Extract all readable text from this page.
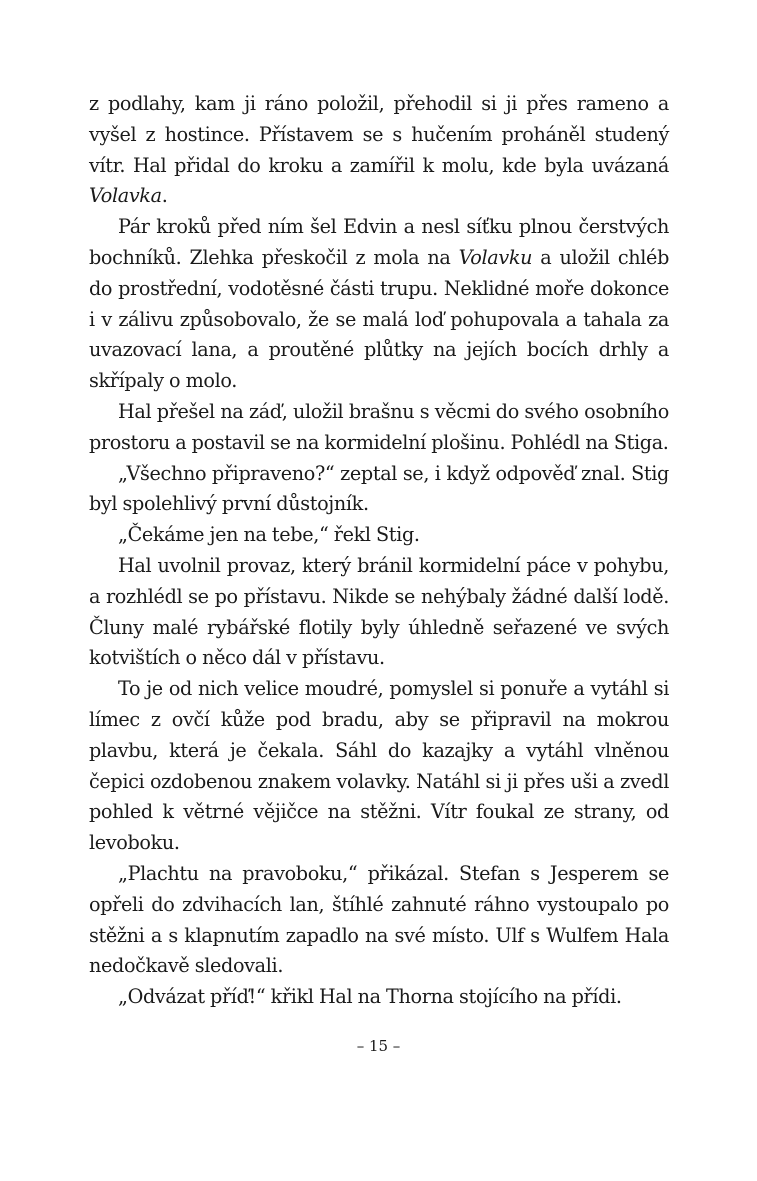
z podlahy, kam ji ráno položil, přehodil si ji přes rameno a vyšel z hostince. Přístavem se s hučením proháněl studený vítr. Hal přidal do kroku a zamířil k molu, kde byla uvázaná Volavka.

Pár kroků před ním šel Edvin a nesl síťku plnou čerstvých bochníků. Zlehka přeskočil z mola na Volavku a uložil chléb do prostřední, vodotěsné části trupu. Neklidné moře dokonce i v zálivu způsobovalo, že se malá loď pohupovala a tahala za uvazovací lana, a proutěné plůtky na jejích bocích drhly a skřípaly o molo.

Hal přešel na záď, uložil brašnu s věcmi do svého osobního prostoru a postavil se na kormidelní plošinu. Pohlédl na Stiga.

„Všechno připraveno?“ zeptal se, i když odpověď znal. Stig byl spolehlivý první důstojník.

„Čekáme jen na tebe,“ řekl Stig.

Hal uvolnil provaz, který bránil kormidelní páce v pohybu, a rozhlédl se po přístavu. Nikde se nehýbaly žádné další lodě. Čluny malé rybářské flotily byly úhledně seřazené ve svých kotvištích o něco dál v přístavu.

To je od nich velice moudré, pomyslel si ponuře a vytáhl si límec z ovčí kůže pod bradu, aby se připravil na mokrou plavbu, která je čekala. Sáhl do kazajky a vytáhl vlněnou čepici ozdobenou znakem volavky. Natáhl si ji přes uši a zvedl pohled k větrné vějičce na stěžni. Vítr foukal ze strany, od levoboku.

„Plachtu na pravoboku,“ přikázal. Stefan s Jesperem se opřeli do zdvihacích lan, štíhlé zahnuté ráhno vystoupalo po stěžni a s klapnutím zapadlo na své místo. Ulf s Wulfem Hala nedočkavě sledovali.

„Odvázat příď!“ křikl Hal na Thorna stojícího na přídi.

– 15 –
